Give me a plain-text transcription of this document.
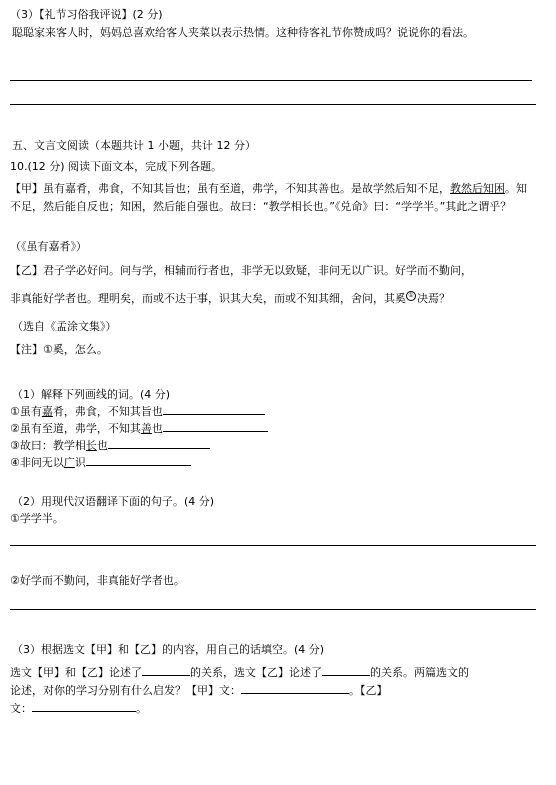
（3）【礼节习俗我评说】(2 分)
聪聪家来客人时，妈妈总喜欢给客人夹菜以表示热情。这种待客礼节你赞成吗？说说你的看法。
五、文言文阅读（本题共计 1 小题，共计 12 分）
10.(12 分) 阅读下面文本，完成下列各题。
【甲】虽有嘉肴，弗食，不知其旨也；虽有至道，弗学，不知其善也。是故学然后知不足，教然后知困。知不足，然后能自反也；知困，然后能自强也。故曰：“教学相长也。”《兑命》曰：“学学半。”其此之谓乎？
（《虽有嘉肴》）
【乙】君子学必好问。问与学，相辅而行者也，非学无以致疑，非问无以广识。好学而不勤问，
非真能好学者也。理明矣，而或不达于事，识其大矣，而或不知其细，舍问，其奚 ① 决焉？
（选自《孟涂文集》）
【注】①奚，怎么。
（1）解释下列画线的词。(4 分)
①虽有嘉肴，弗食，不知其旨也
②虽有至道，弗学，不知其善也
③故曰：教学相长也
④非问无以广识
（2）用现代汉语翻译下面的句子。(4 分)
①学学半。
②好学而不勤问，非真能好学者也。
（3）根据选文【甲】和【乙】的内容，用自己的话填空。(4 分)
选文【甲】和【乙】论述了	的关系，选文【乙】论述了	的关系。两篇选文的
论述，对你的学习分别有什么启发？【甲】文：	。【乙】
文：	。
